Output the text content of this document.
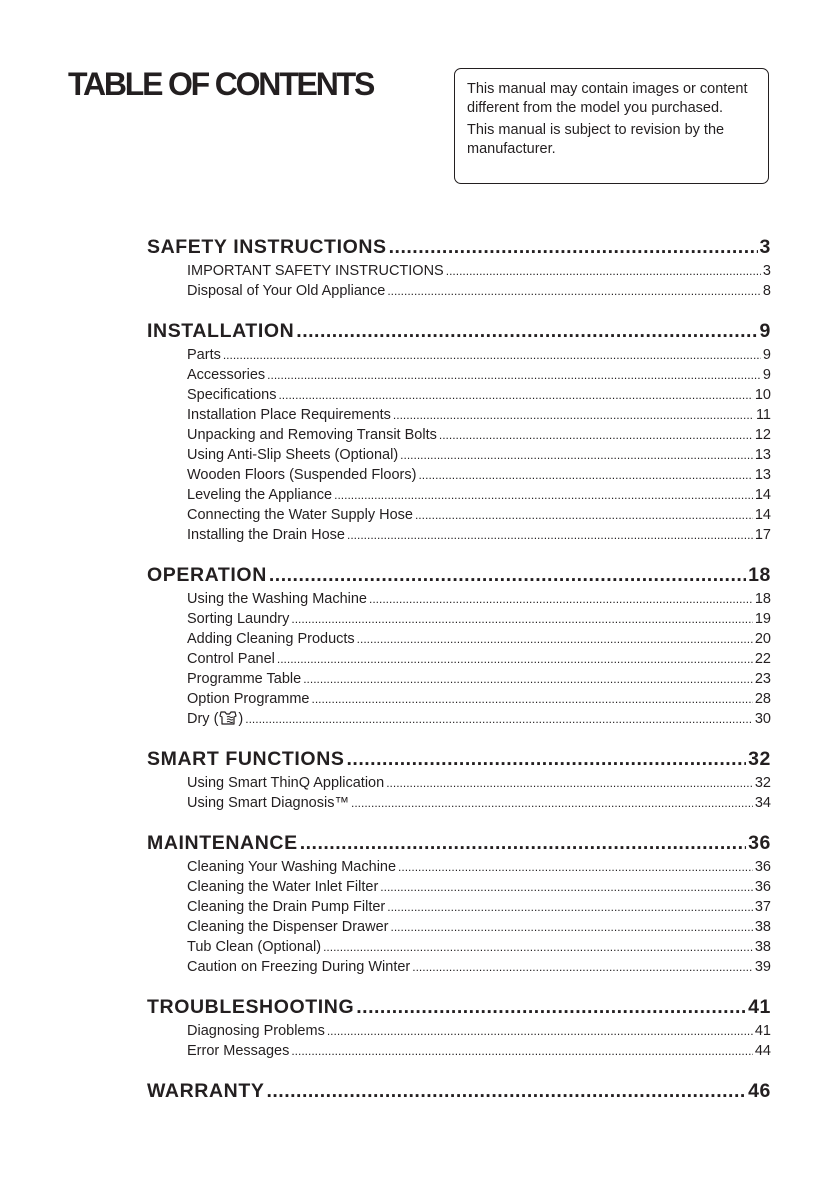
TABLE OF CONTENTS	This manual may contain images or content different from the model you purchased.

This manual is subject to revision by the manufacturer.

SAFETY INSTRUCTIONS .....	3
IMPORTANT SAFETY INSTRUCTIONS .....	3
Disposal of Your Old Appliance .....	8
INSTALLATION .....	9
Parts .....	9
Accessories .....	9
Specifications .....	10
Installation Place Requirements .....	11
Unpacking and Removing Transit Bolts .....	12
Using Anti-Slip Sheets (Optional) .....	13
Wooden Floors (Suspended Floors) .....	13
Leveling the Appliance .....	14
Connecting the Water Supply Hose .....	14
Installing the Drain Hose .....	17
OPERATION .....	18
Using the Washing Machine .....	18
Sorting Laundry .....	19
Adding Cleaning Products .....	20
Control Panel .....	22
Programme Table .....	23
Option Programme .....	28
Dry ( ) .....	30
SMART FUNCTIONS .....	32
Using Smart ThinQ Application .....	32
Using Smart Diagnosis™ .....	34
MAINTENANCE .....	36
Cleaning Your Washing Machine .....	36
Cleaning the Water Inlet Filter .....	36
Cleaning the Drain Pump Filter .....	37
Cleaning the Dispenser Drawer .....	38
Tub Clean (Optional) .....	38
Caution on Freezing During Winter .....	39
TROUBLESHOOTING .....	41
Diagnosing Problems .....	41
Error Messages .....	44
WARRANTY .....	46
